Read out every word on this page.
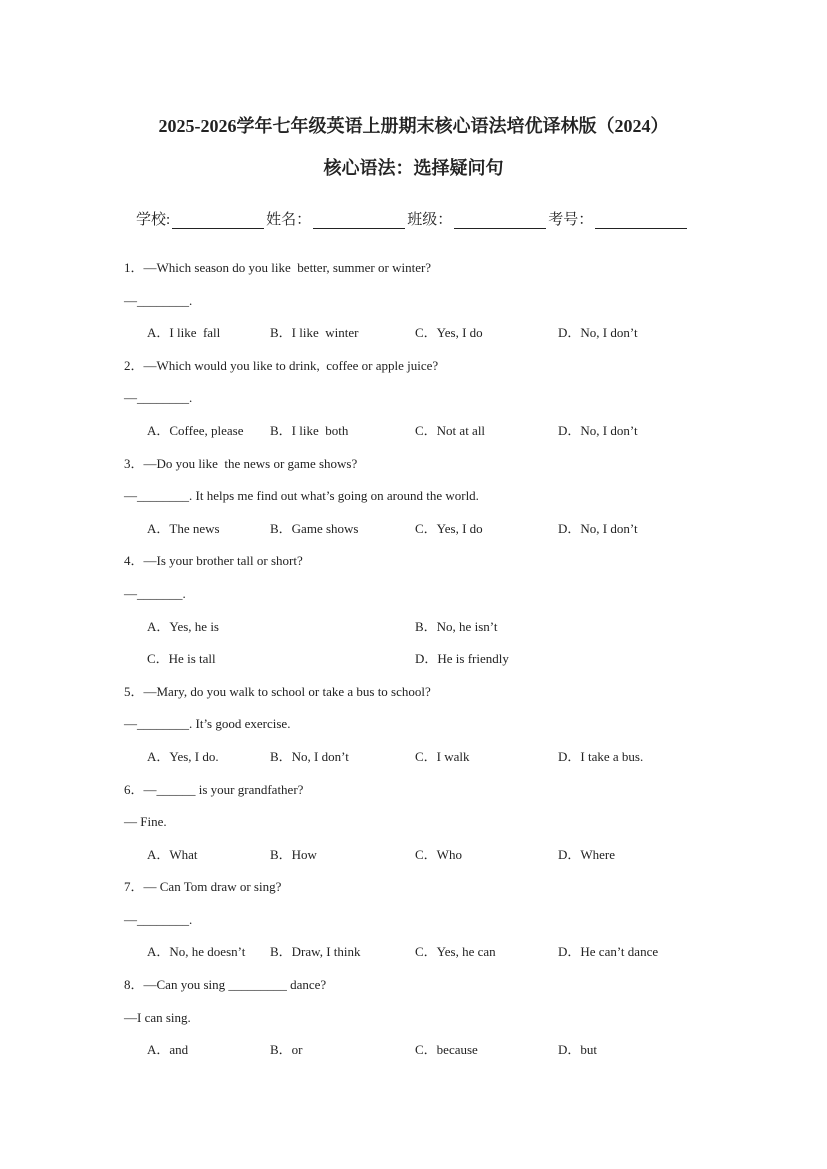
2025-2026学年七年级英语上册期末核心语法培优译林版（2024）
核心语法：选择疑问句
学校:	姓名：	班级：	考号：
1．—Which season do you like  better, summer or winter?
—________.
A．I like  fall	B．I like  winter	C．Yes, I do	D．No, I don’t
2．—Which would you like to drink,  coffee or apple juice?
—________.
A．Coffee, please B．I like  both	C．Not at all	D．No, I don’t
3．—Do you like  the news or game shows?
—________. It helps me find out what’s going on around the world.
A．The news	B．Game shows	C．Yes, I do	D．No, I don’t
4．—Is your brother tall or short?
—_______.
A．Yes, he is	B．No, he isn’t
C．He is tall	D．He is friendly
5．—Mary, do you walk to school or take a bus to school?
—________. It’s good exercise.
A．Yes, I do.	B．No, I don’t	C．I walk	D．I take a bus.
6．—______ is your grandfather?
— Fine.
A．What	B．How	C．Who	D．Where
7．— Can Tom draw or sing?
—________.
A．No, he doesn’t B．Draw, I think	C．Yes, he can	D．He can’t dance
8．—Can you sing _________ dance?
—I can sing.
A．and	B．or	C．because	D．but
